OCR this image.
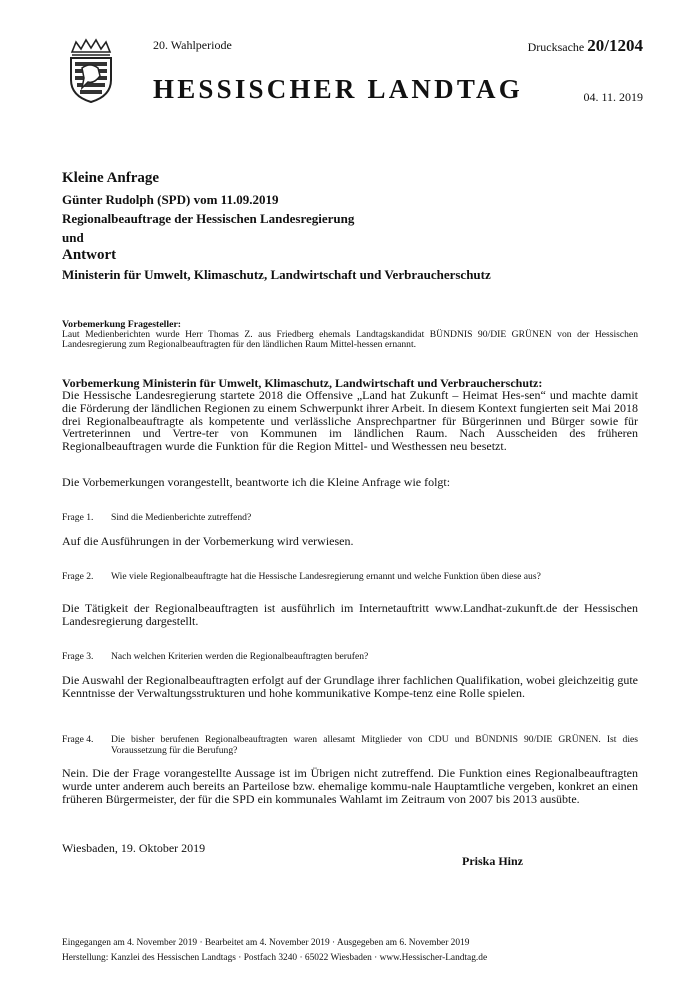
20. Wahlperiode
HESSISCHER LANDTAG
Drucksache 20/1204
04. 11. 2019
Kleine Anfrage
Günter Rudolph (SPD) vom 11.09.2019
Regionalbeauftrage der Hessischen Landesregierung
und
Antwort
Ministerin für Umwelt, Klimaschutz, Landwirtschaft und Verbraucherschutz
Vorbemerkung Fragesteller:
Laut Medienberichten wurde Herr Thomas Z. aus Friedberg ehemals Landtagskandidat BÜNDNIS 90/DIE GRÜNEN von der Hessischen Landesregierung zum Regionalbeauftragten für den ländlichen Raum Mittel-hessen ernannt.
Vorbemerkung Ministerin für Umwelt, Klimaschutz, Landwirtschaft und Verbraucherschutz:
Die Hessische Landesregierung startete 2018 die Offensive „Land hat Zukunft – Heimat Hes-sen“ und machte damit die Förderung der ländlichen Regionen zu einem Schwerpunkt ihrer Arbeit. In diesem Kontext fungierten seit Mai 2018 drei Regionalbeauftragte als kompetente und verlässliche Ansprechpartner für Bürgerinnen und Bürger sowie für Vertreterinnen und Vertre-ter von Kommunen im ländlichen Raum. Nach Ausscheiden des früheren Regionalbeauftragen wurde die Funktion für die Region Mittel- und Westhessen neu besetzt.
Die Vorbemerkungen vorangestellt, beantworte ich die Kleine Anfrage wie folgt:
Frage 1. Sind die Medienberichte zutreffend?
Auf die Ausführungen in der Vorbemerkung wird verwiesen.
Frage 2. Wie viele Regionalbeauftragte hat die Hessische Landesregierung ernannt und welche Funktion üben diese aus?
Die Tätigkeit der Regionalbeauftragten ist ausführlich im Internetauftritt www.Landhat-zukunft.de der Hessischen Landesregierung dargestellt.
Frage 3. Nach welchen Kriterien werden die Regionalbeauftragten berufen?
Die Auswahl der Regionalbeauftragten erfolgt auf der Grundlage ihrer fachlichen Qualifikation, wobei gleichzeitig gute Kenntnisse der Verwaltungsstrukturen und hohe kommunikative Kompe-tenz eine Rolle spielen.
Frage 4. Die bisher berufenen Regionalbeauftragten waren allesamt Mitglieder von CDU und BÜNDNIS 90/DIE GRÜNEN. Ist dies Voraussetzung für die Berufung?
Nein. Die der Frage vorangestellte Aussage ist im Übrigen nicht zutreffend. Die Funktion eines Regionalbeauftragten wurde unter anderem auch bereits an Parteilose bzw. ehemalige kommu-nale Hauptamtliche vergeben, konkret an einen früheren Bürgermeister, der für die SPD ein kommunales Wahlamt im Zeitraum von 2007 bis 2013 ausübte.
Wiesbaden, 19. Oktober 2019
Priska Hinz
Eingegangen am 4. November 2019 · Bearbeitet am 4. November 2019 · Ausgegeben am 6. November 2019
Herstellung: Kanzlei des Hessischen Landtags · Postfach 3240 · 65022 Wiesbaden · www.Hessischer-Landtag.de
